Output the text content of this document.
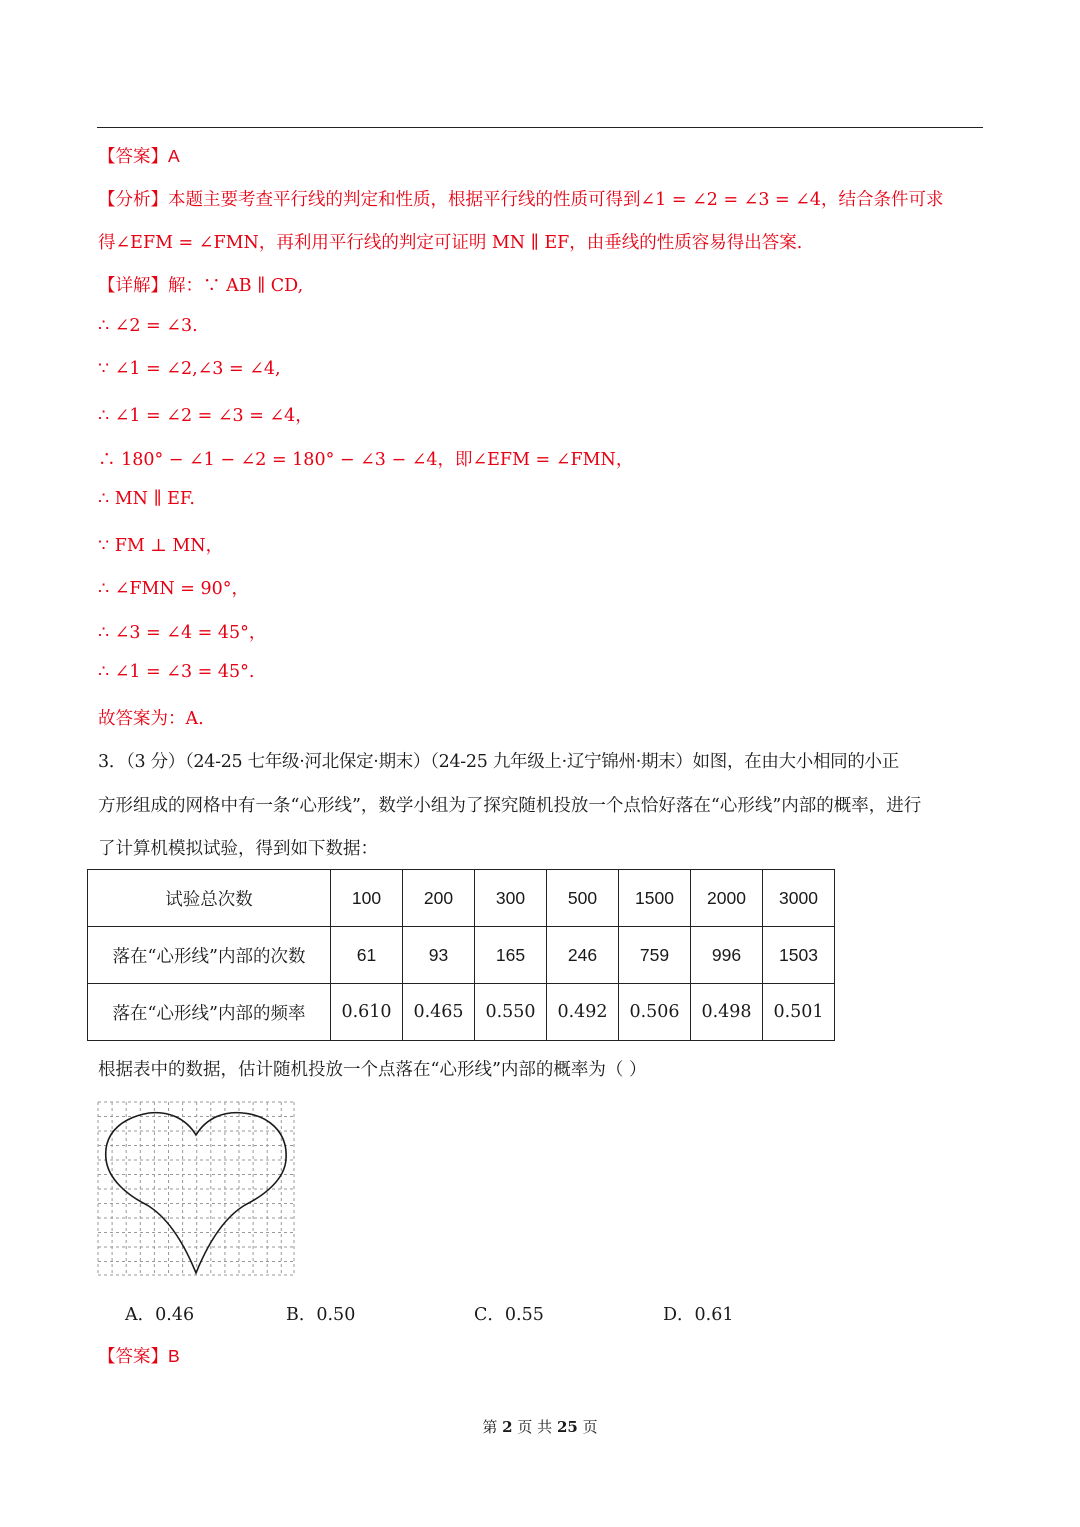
【答案】A
【分析】本题主要考查平行线的判定和性质，根据平行线的性质可得到∠1 = ∠2 = ∠3 = ∠4，结合条件可求
得∠EFM = ∠FMN，再利用平行线的判定可证明 MN ∥ EF，由垂线的性质容易得出答案.
【详解】解：∵ AB ∥ CD,
∴ ∠2 = ∠3.
∵ ∠1 = ∠2,∠3 = ∠4,
∴ ∠1 = ∠2 = ∠3 = ∠4，
∴ 180° − ∠1 − ∠2 = 180° − ∠3 − ∠4，即∠EFM = ∠FMN，
∴ MN ∥ EF.
∵ FM ⊥ MN，
∴ ∠FMN = 90°，
∴ ∠3 = ∠4 = 45°，
∴ ∠1 = ∠3 = 45°.
故答案为：A.
3．（3 分）（24-25 七年级·河北保定·期末）（24-25 九年级上·辽宁锦州·期末）如图，在由大小相同的小正
方形组成的网格中有一条“心形线”，数学小组为了探究随机投放一个点恰好落在“心形线”内部的概率，进行
了计算机模拟试验，得到如下数据：
试验总次数	100	200	300	500	1500	2000	3000
落在“心形线”内部的次数	61	93	165	246	759	996	1503
落在“心形线”内部的频率	0.610	0.465	0.550	0.492	0.506	0.498	0.501
根据表中的数据，估计随机投放一个点落在“心形线”内部的概率为（ ）
A．0.46	B．0.50	C．0.55	D．0.61
【答案】B
第 2 页 共 25 页
